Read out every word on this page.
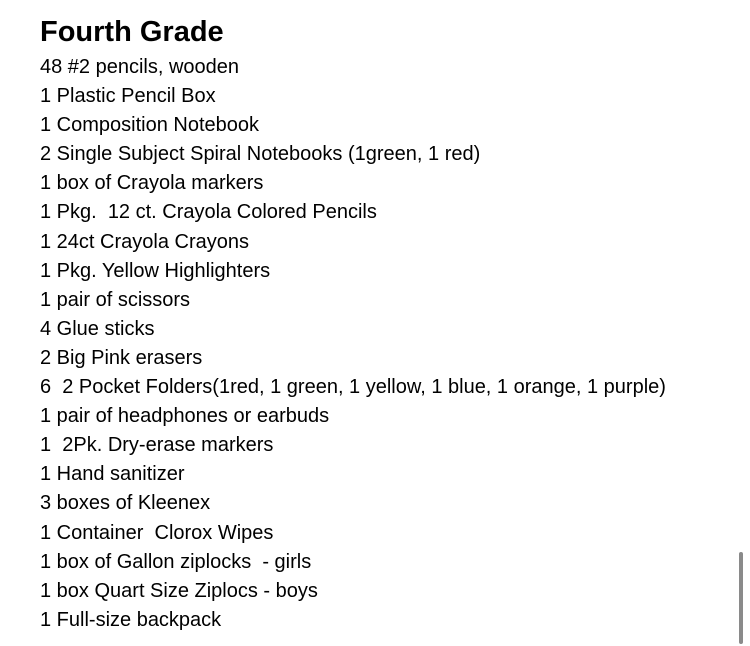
Fourth Grade
48 #2 pencils, wooden
1 Plastic Pencil Box
1 Composition Notebook
2 Single Subject Spiral Notebooks (1green, 1 red)
1 box of Crayola markers
1 Pkg.  12 ct. Crayola Colored Pencils
1 24ct Crayola Crayons
1 Pkg. Yellow Highlighters
1 pair of scissors
4 Glue sticks
2 Big Pink erasers
6  2 Pocket Folders(1red, 1 green, 1 yellow, 1 blue, 1 orange, 1 purple)
1 pair of headphones or earbuds
1  2Pk. Dry-erase markers
1 Hand sanitizer
3 boxes of Kleenex
1 Container  Clorox Wipes
1 box of Gallon ziplocks  - girls
1 box Quart Size Ziplocs - boys
1 Full-size backpack
